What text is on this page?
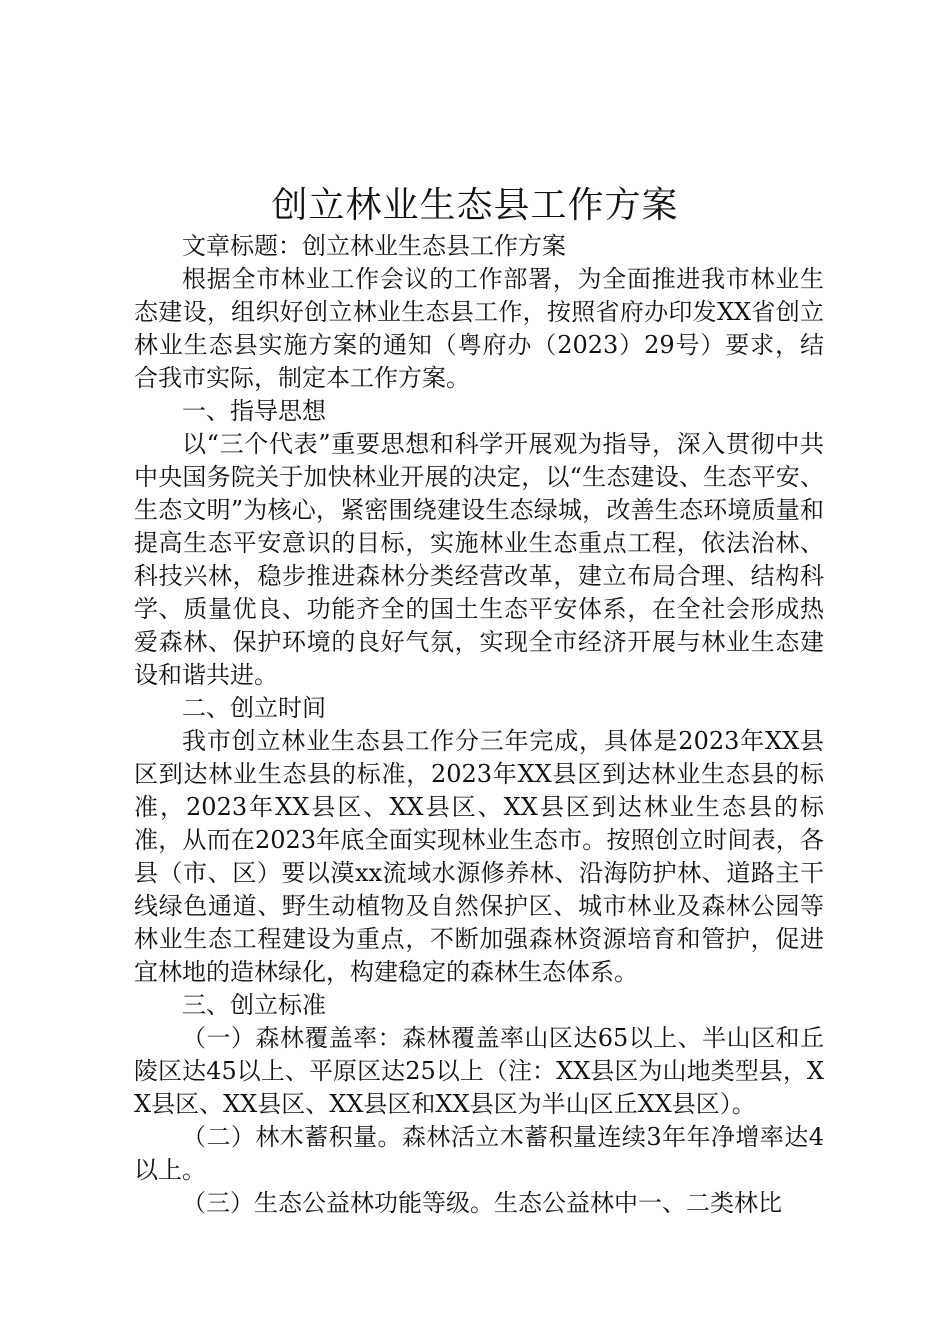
创立林业生态县工作方案

文章标题：创立林业生态县工作方案

根据全市林业工作会议的工作部署，为全面推进我市林业生态建设，组织好创立林业生态县工作，按照省府办印发XX省创立林业生态县实施方案的通知（粤府办（2023）29号）要求，结合我市实际，制定本工作方案。

一、指导思想

以“三个代表”重要思想和科学开展观为指导，深入贯彻中共中央国务院关于加快林业开展的决定，以“生态建设、生态平安、生态文明”为核心，紧密围绕建设生态绿城，改善生态环境质量和提高生态平安意识的目标，实施林业生态重点工程，依法治林、科技兴林，稳步推进森林分类经营改革，建立布局合理、结构科学、质量优良、功能齐全的国土生态平安体系，在全社会形成热爱森林、保护环境的良好气氛，实现全市经济开展与林业生态建设和谐共进。

二、创立时间

我市创立林业生态县工作分三年完成，具体是2023年XX县区到达林业生态县的标准，2023年XX县区到达林业生态县的标准，2023年XX县区、XX县区、XX县区到达林业生态县的标准，从而在2023年底全面实现林业生态市。按照创立时间表，各县（市、区）要以漠xx流域水源修养林、沿海防护林、道路主干线绿色通道、野生动植物及自然保护区、城市林业及森林公园等林业生态工程建设为重点，不断加强森林资源培育和管护，促进宜林地的造林绿化，构建稳定的森林生态体系。

三、创立标准

（一）森林覆盖率：森林覆盖率山区达65以上、半山区和丘陵区达45以上、平原区达25以上（注：XX县区为山地类型县，XX县区、XX县区、XX县区和XX县区为半山区丘XX县区）。

（二）林木蓄积量。森林活立木蓄积量连续3年年净增率达4以上。

（三）生态公益林功能等级。生态公益林中一、二类林比
